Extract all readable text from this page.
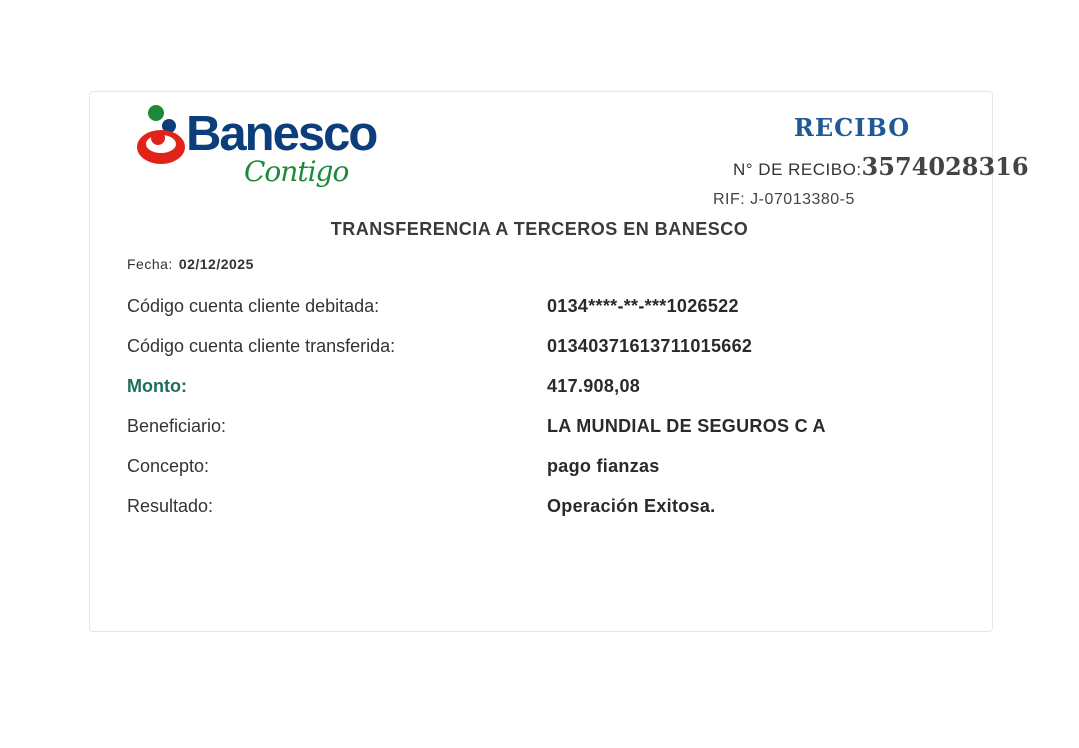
Banesco
Contigo
RECIBO
N° DE RECIBO:3574028316
RIF: J-07013380-5
TRANSFERENCIA A TERCEROS EN BANESCO
Fecha: 02/12/2025
Código cuenta cliente debitada:	0134****-**-***1026522
Código cuenta cliente transferida:	01340371613711015662
Monto:	417.908,08
Beneficiario:	LA MUNDIAL DE SEGUROS C A
Concepto:	pago fianzas
Resultado:	Operación Exitosa.
